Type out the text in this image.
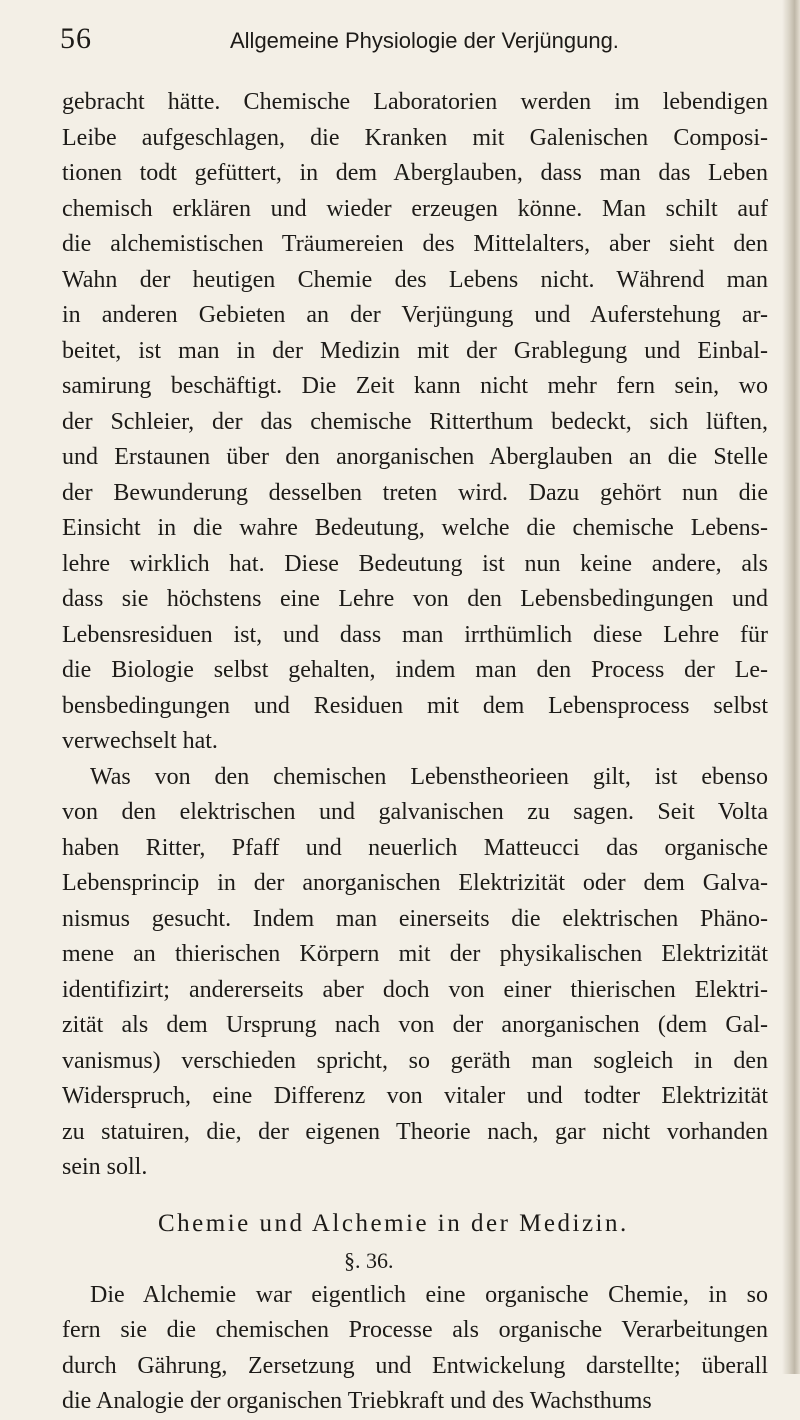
56	Allgemeine Physiologie der Verjüngung.
gebracht hätte. Chemische Laboratorien werden im lebendigen
Leibe aufgeschlagen, die Kranken mit Galenischen Composi-
tionen todt gefüttert, in dem Aberglauben, dass man das Leben
chemisch erklären und wieder erzeugen könne. Man schilt auf
die alchemistischen Träumereien des Mittelalters, aber sieht den
Wahn der heutigen Chemie des Lebens nicht. Während man
in anderen Gebieten an der Verjüngung und Auferstehung ar-
beitet, ist man in der Medizin mit der Grablegung und Einbal-
samirung beschäftigt. Die Zeit kann nicht mehr fern sein, wo
der Schleier, der das chemische Ritterthum bedeckt, sich lüften,
und Erstaunen über den anorganischen Aberglauben an die Stelle
der Bewunderung desselben treten wird. Dazu gehört nun die
Einsicht in die wahre Bedeutung, welche die chemische Lebens-
lehre wirklich hat. Diese Bedeutung ist nun keine andere, als
dass sie höchstens eine Lehre von den Lebensbedingungen und
Lebensresiduen ist, und dass man irrthümlich diese Lehre für
die Biologie selbst gehalten, indem man den Process der Le-
bensbedingungen und Residuen mit dem Lebensprocess selbst
verwechselt hat.
Was von den chemischen Lebenstheorieen gilt, ist ebenso
von den elektrischen und galvanischen zu sagen. Seit Volta
haben Ritter, Pfaff und neuerlich Matteucci das organische
Lebensprincip in der anorganischen Elektrizität oder dem Galva-
nismus gesucht. Indem man einerseits die elektrischen Phäno-
mene an thierischen Körpern mit der physikalischen Elektrizität
identifizirt; andererseits aber doch von einer thierischen Elektri-
zität als dem Ursprung nach von der anorganischen (dem Gal-
vanismus) verschieden spricht, so geräth man sogleich in den
Widerspruch, eine Differenz von vitaler und todter Elektrizität
zu statuiren, die, der eigenen Theorie nach, gar nicht vorhanden
sein soll.
Chemie und Alchemie in der Medizin.
§. 36.
Die Alchemie war eigentlich eine organische Chemie, in so
fern sie die chemischen Processe als organische Verarbeitungen
durch Gährung, Zersetzung und Entwickelung darstellte; überall
die Analogie der organischen Triebkraft und des Wachsthums
